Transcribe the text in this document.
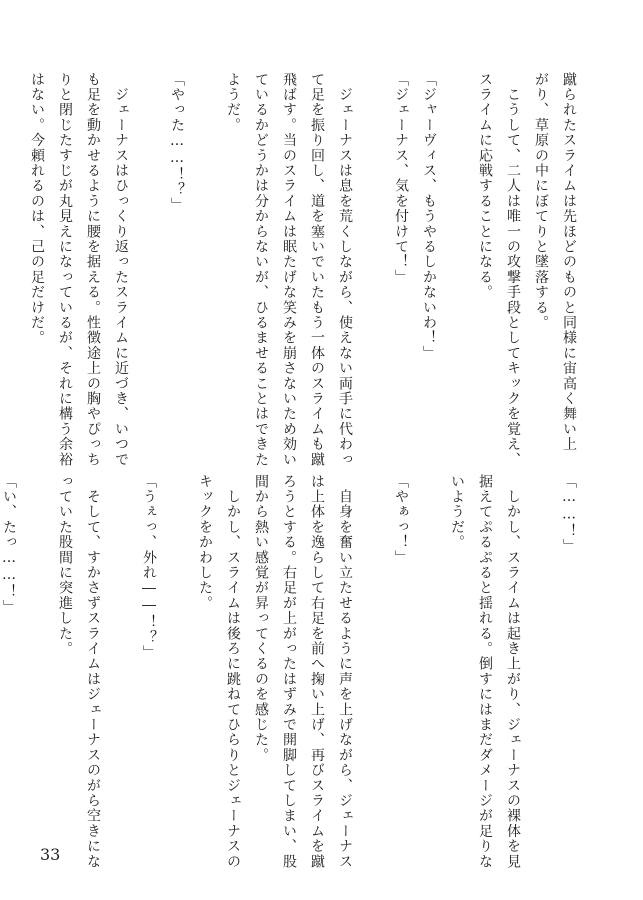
蹴られたスライムは先ほどのものと同様に宙高く舞い上
がり、草原の中にぼてりと墜落する。
　こうして、二人は唯一の攻撃手段としてキックを覚え、
スライムに応戦することになる。
「ジャーヴィス、もうやるしかないわ！」
「ジェーナス、気を付けて！」
　ジェーナスは息を荒くしながら、使えない両手に代わっ
て足を振り回し、道を塞いでいたもう一体のスライムも蹴
飛ばす。当のスライムは眠たげな笑みを崩さないため効い
ているかどうかは分からないが、ひるませることはできた
ようだ。
「やった……！？」
　ジェーナスはひっくり返ったスライムに近づき、いつで
も足を動かせるように腰を据える。性徴途上の胸やぴっち
りと閉じたすじが丸見えになっているが、それに構う余裕
はない。今頼れるのは、己の足だけだ。
「……！」
　しかし、スライムは起き上がり、ジェーナスの裸体を見
据えてぷるぷると揺れる。倒すにはまだダメージが足りな
いようだ。
「やぁっ！」
　自身を奮い立たせるように声を上げながら、ジェーナス
は上体を逸らして右足を前へ掬い上げ、再びスライムを蹴
ろうとする。右足が上がったはずみで開脚してしまい、股
間から熱い感覚が昇ってくるのを感じた。
　しかし、スライムは後ろに跳ねてひらりとジェーナスの
キックをかわした。
「うぇっ、外れ――！？」
　そして、すかさずスライムはジェーナスのがら空きにな
っていた股間に突進した。
「い、たっ……！」
33
